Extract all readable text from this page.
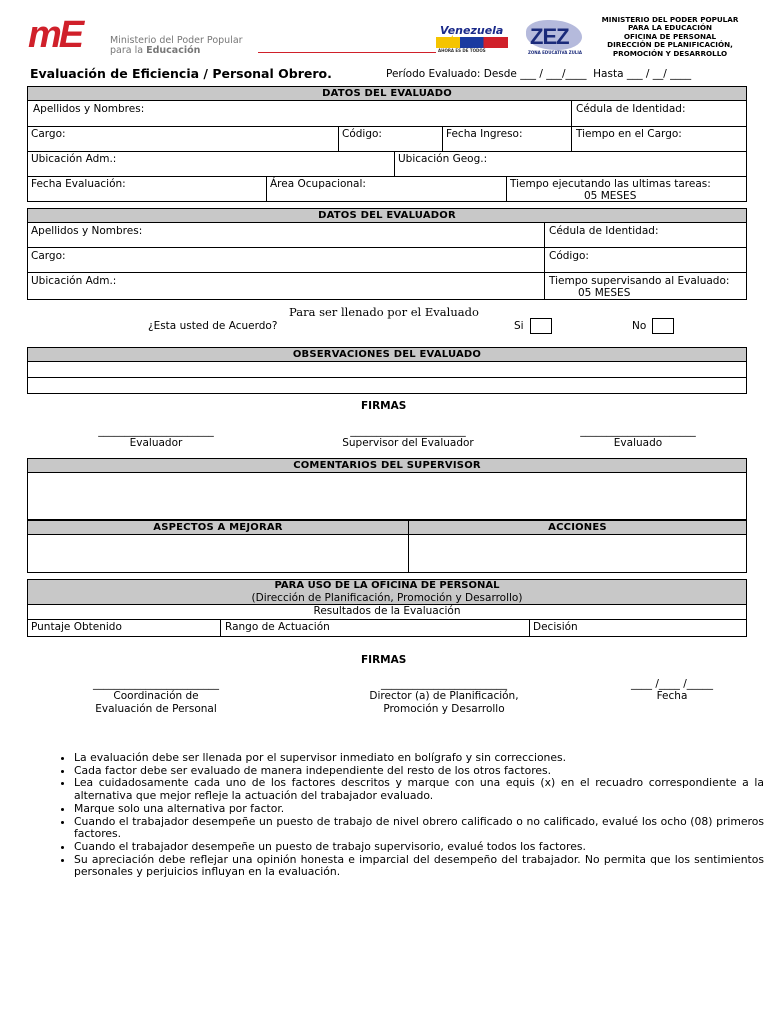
mE	Ministerio del Poder Popular
para la Educación
Venezuela
★
AHORA ES DE TODOS
ZEZ
ZONA EDUCATIVA ZULIA
MINISTERIO DEL PODER POPULAR
PARA LA EDUCACIÓN
OFICINA DE PERSONAL
DIRECCIÓN DE PLANIFICACIÓN,
PROMOCIÓN Y DESARROLLO
Evaluación de Eficiencia / Personal Obrero.	Período Evaluado: Desde ___ / ___/____  Hasta ___ / __/ ____
DATOS DEL EVALUADO
Apellidos y Nombres:	Cédula de Identidad:
Cargo:	Código:	Fecha Ingreso:	Tiempo en el Cargo:
Ubicación Adm.:	Ubicación Geog.:
Fecha Evaluación:	Área Ocupacional:	Tiempo ejecutando las ultimas tareas:
05 MESES
DATOS DEL EVALUADOR
Apellidos y Nombres:	Cédula de Identidad:
Cargo:	Código:
Ubicación Adm.:	Tiempo supervisando al Evaluado:
05 MESES
Para ser llenado por el Evaluado
¿Esta usted de Acuerdo?	Si	No
OBSERVACIONES DEL EVALUADO
FIRMAS
______________________
Evaluador
______________________
Supervisor del Evaluador
______________________
Evaluado
COMENTARIOS DEL SUPERVISOR
ASPECTOS A MEJORAR	ACCIONES
PARA USO DE LA OFICINA DE PERSONAL
(Dirección de Planificación, Promoción y Desarrollo)
Resultados de la Evaluación
Puntaje Obtenido	Rango de Actuación	Decisión
FIRMAS
________________________
Coordinación de
Evaluación de Personal
________________________
Director (a) de Planificación,
Promoción y Desarrollo
____ /____ /_____
Fecha
• La evaluación debe ser llenada por el supervisor inmediato en bolígrafo y sin correcciones.
• Cada factor debe ser evaluado de manera independiente del resto de los otros factores.
• Lea cuidadosamente cada uno de los factores descritos y marque con una equis (x) en el recuadro correspondiente a la alternativa que mejor refleje la actuación del trabajador evaluado.
• Marque solo una alternativa por factor.
• Cuando el trabajador desempeñe un puesto de trabajo de nivel obrero calificado o no calificado, evalué los ocho (08) primeros factores.
• Cuando el trabajador desempeñe un puesto de trabajo supervisorio, evalué todos los factores.
• Su apreciación debe reflejar una opinión honesta e imparcial del desempeño del trabajador. No permita que los sentimientos personales y perjuicios influyan en la evaluación.
